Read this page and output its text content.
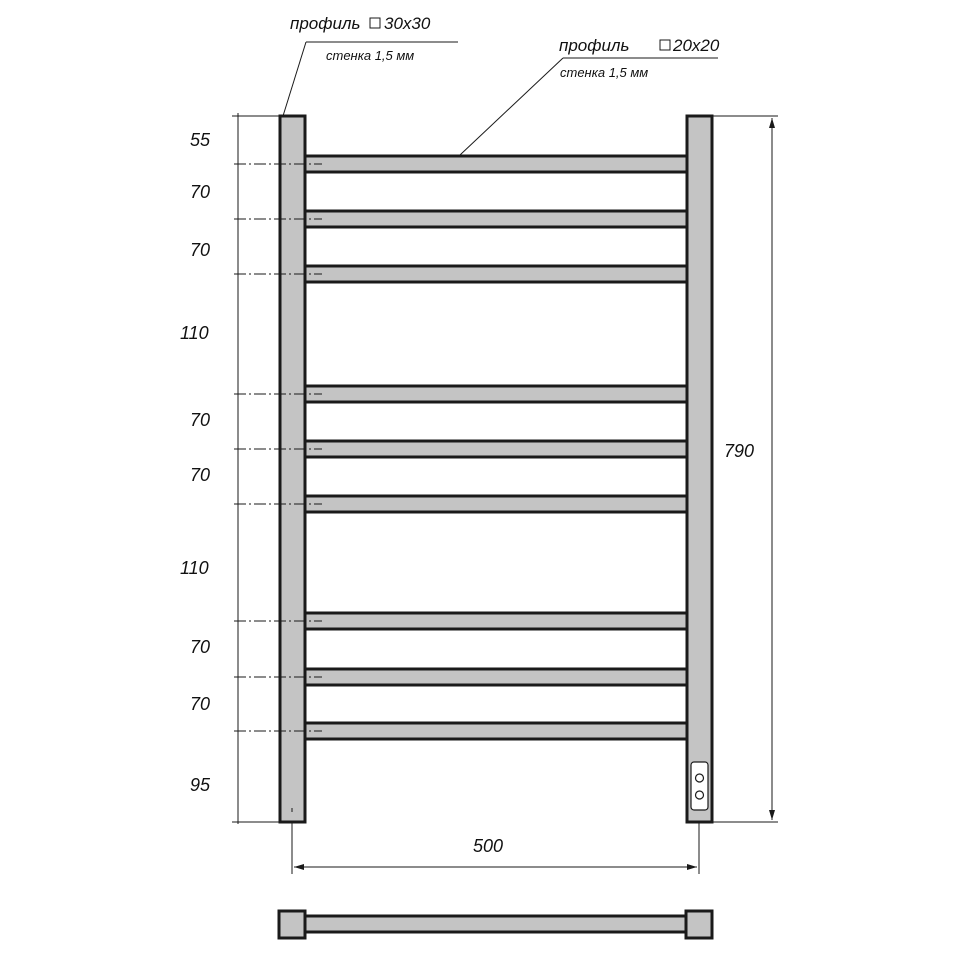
профиль 30x30
стенка 1,5 мм
профиль	20x20
стенка 1,5 мм
55
70
70
110
70
70
110
70
70
95
790
500
